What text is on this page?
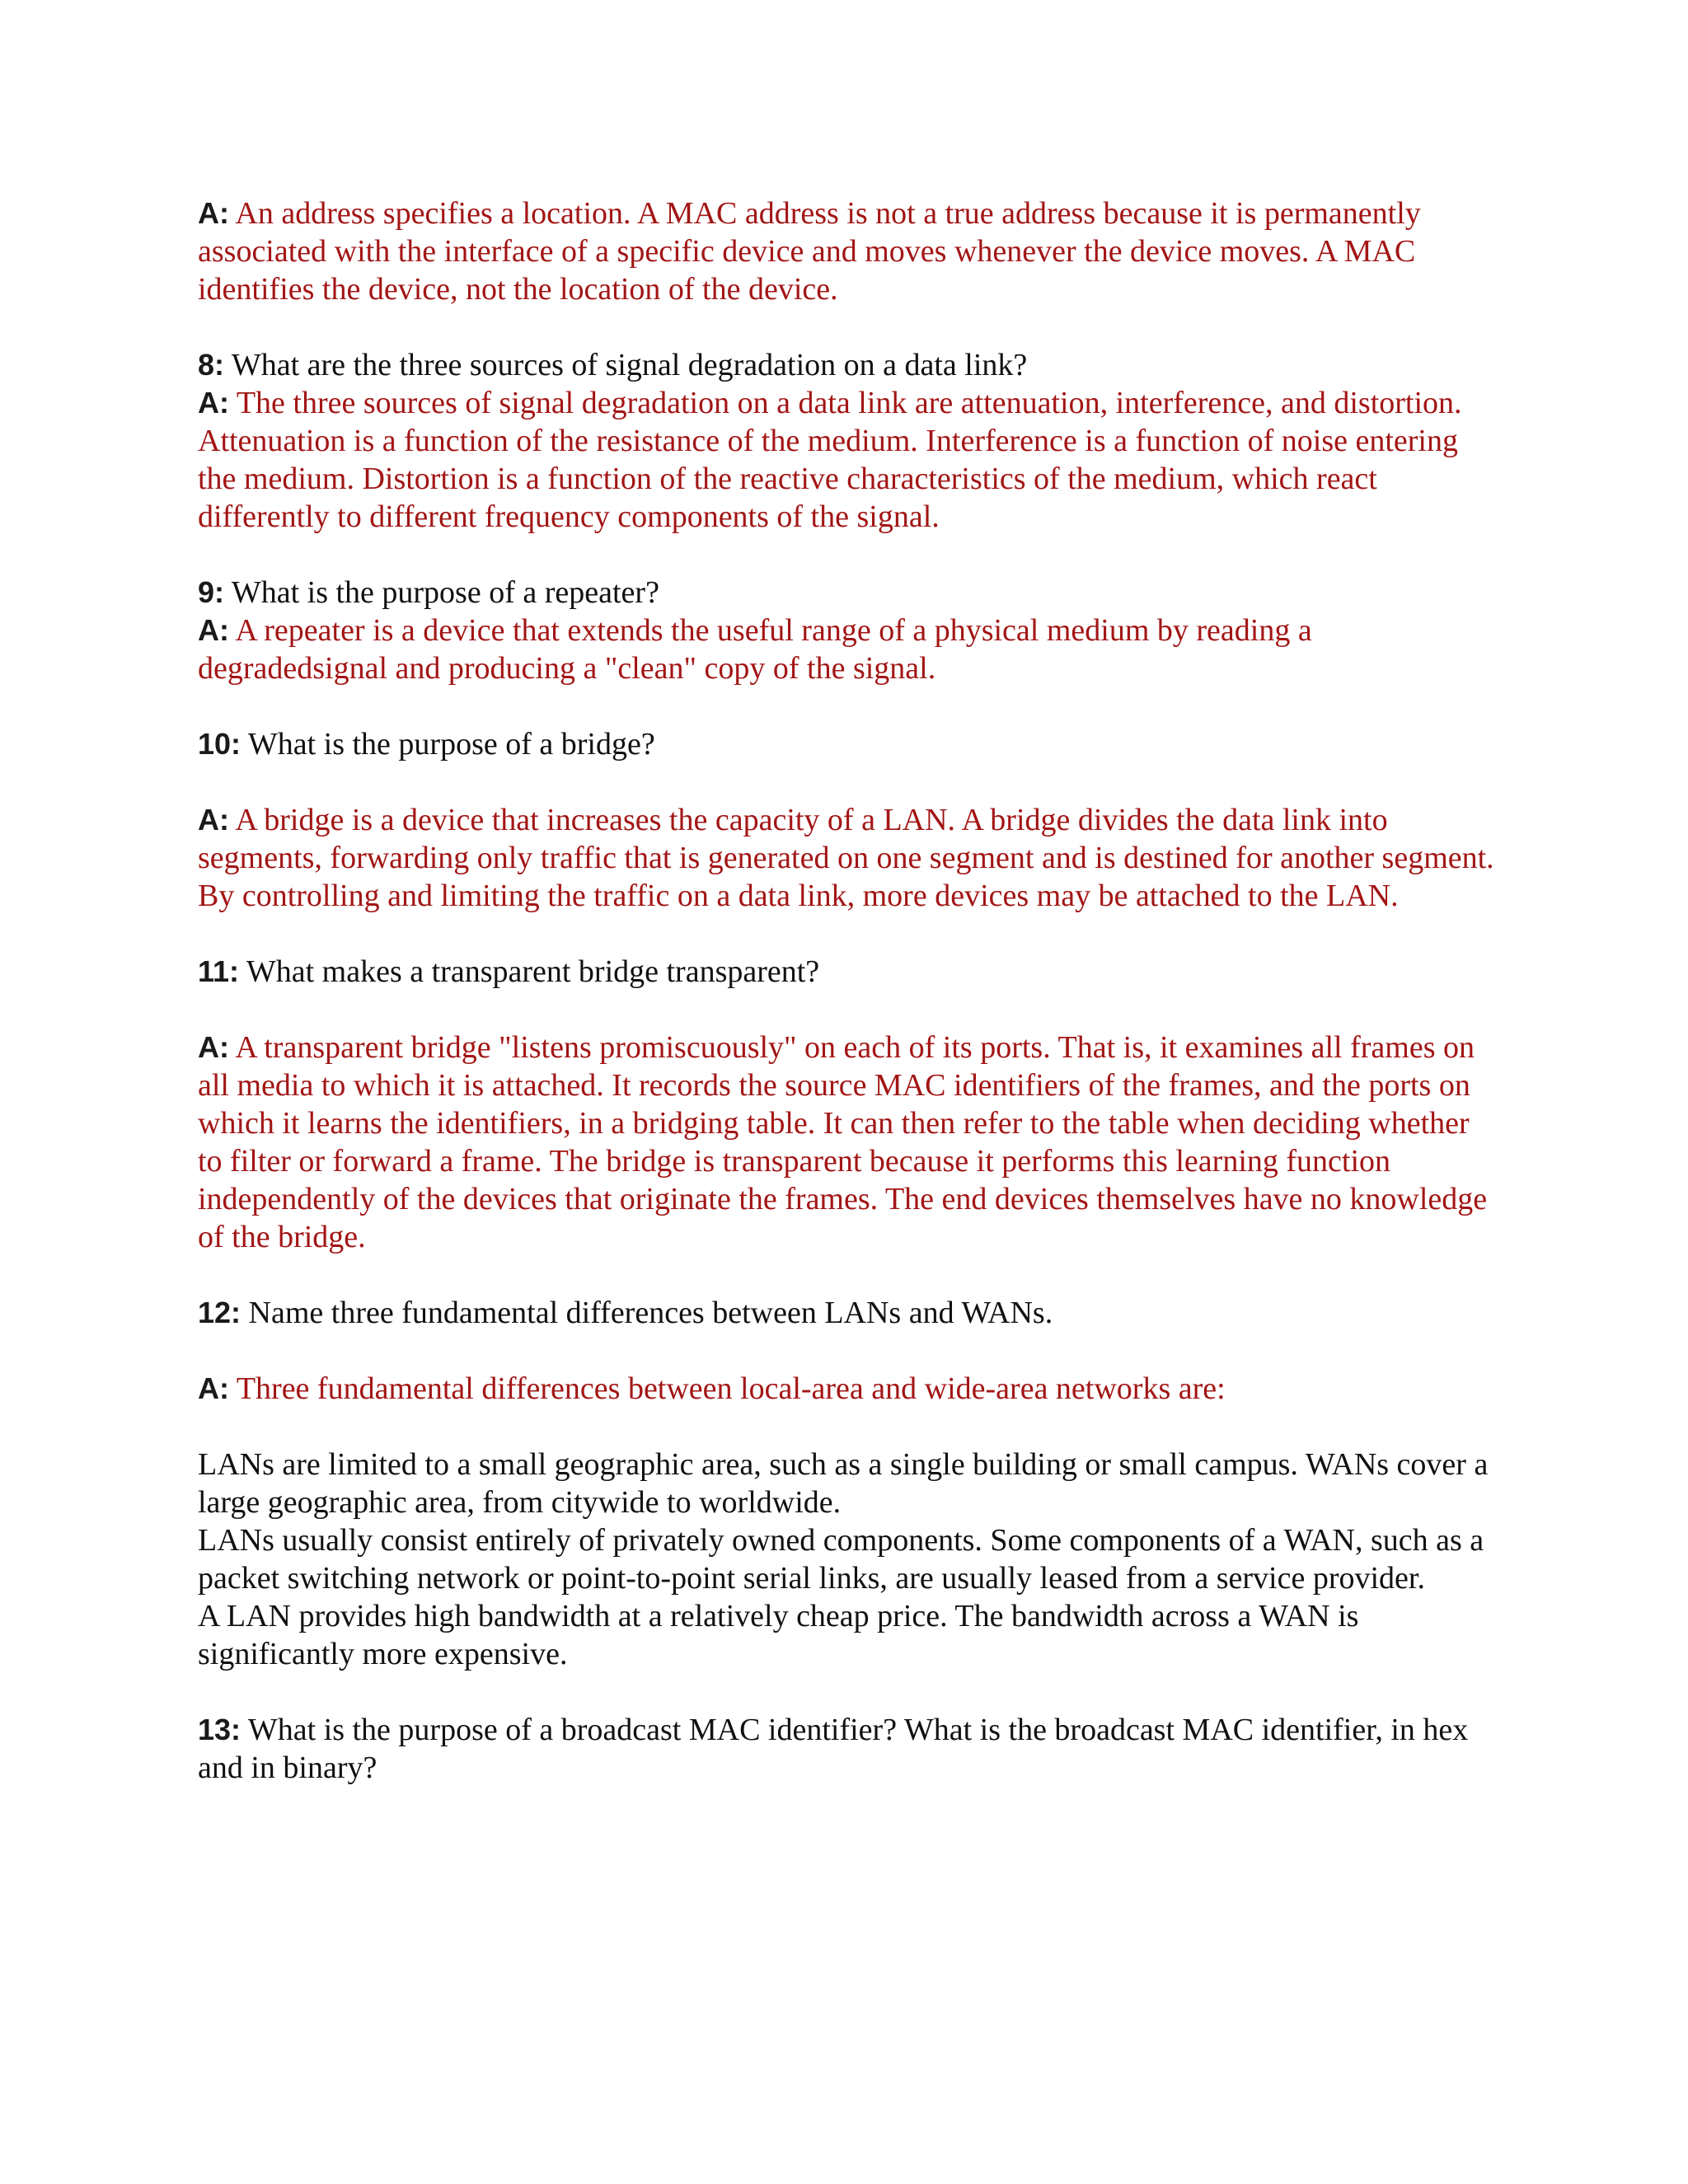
A: An address specifies a location. A MAC address is not a true address because it is permanently associated with the interface of a specific device and moves whenever the device moves. A MAC identifies the device, not the location of the device.

8: What are the three sources of signal degradation on a data link?
A: The three sources of signal degradation on a data link are attenuation, interference, and distortion. Attenuation is a function of the resistance of the medium. Interference is a function of noise entering the medium. Distortion is a function of the reactive characteristics of the medium, which react differently to different frequency components of the signal.

9: What is the purpose of a repeater?
A: A repeater is a device that extends the useful range of a physical medium by reading a degradedsignal and producing a "clean" copy of the signal.

10: What is the purpose of a bridge?

A: A bridge is a device that increases the capacity of a LAN. A bridge divides the data link into segments, forwarding only traffic that is generated on one segment and is destined for another segment. By controlling and limiting the traffic on a data link, more devices may be attached to the LAN.

11: What makes a transparent bridge transparent?

A: A transparent bridge "listens promiscuously" on each of its ports. That is, it examines all frames on all media to which it is attached. It records the source MAC identifiers of the frames, and the ports on which it learns the identifiers, in a bridging table. It can then refer to the table when deciding whether to filter or forward a frame. The bridge is transparent because it performs this learning function independently of the devices that originate the frames. The end devices themselves have no knowledge of the bridge.

12: Name three fundamental differences between LANs and WANs.

A: Three fundamental differences between local-area and wide-area networks are:

LANs are limited to a small geographic area, such as a single building or small campus. WANs cover a large geographic area, from citywide to worldwide.

LANs usually consist entirely of privately owned components. Some components of a WAN, such as a packet switching network or point-to-point serial links, are usually leased from a service provider.

A LAN provides high bandwidth at a relatively cheap price. The bandwidth across a WAN is significantly more expensive.

13: What is the purpose of a broadcast MAC identifier? What is the broadcast MAC identifier, in hex and in binary?
